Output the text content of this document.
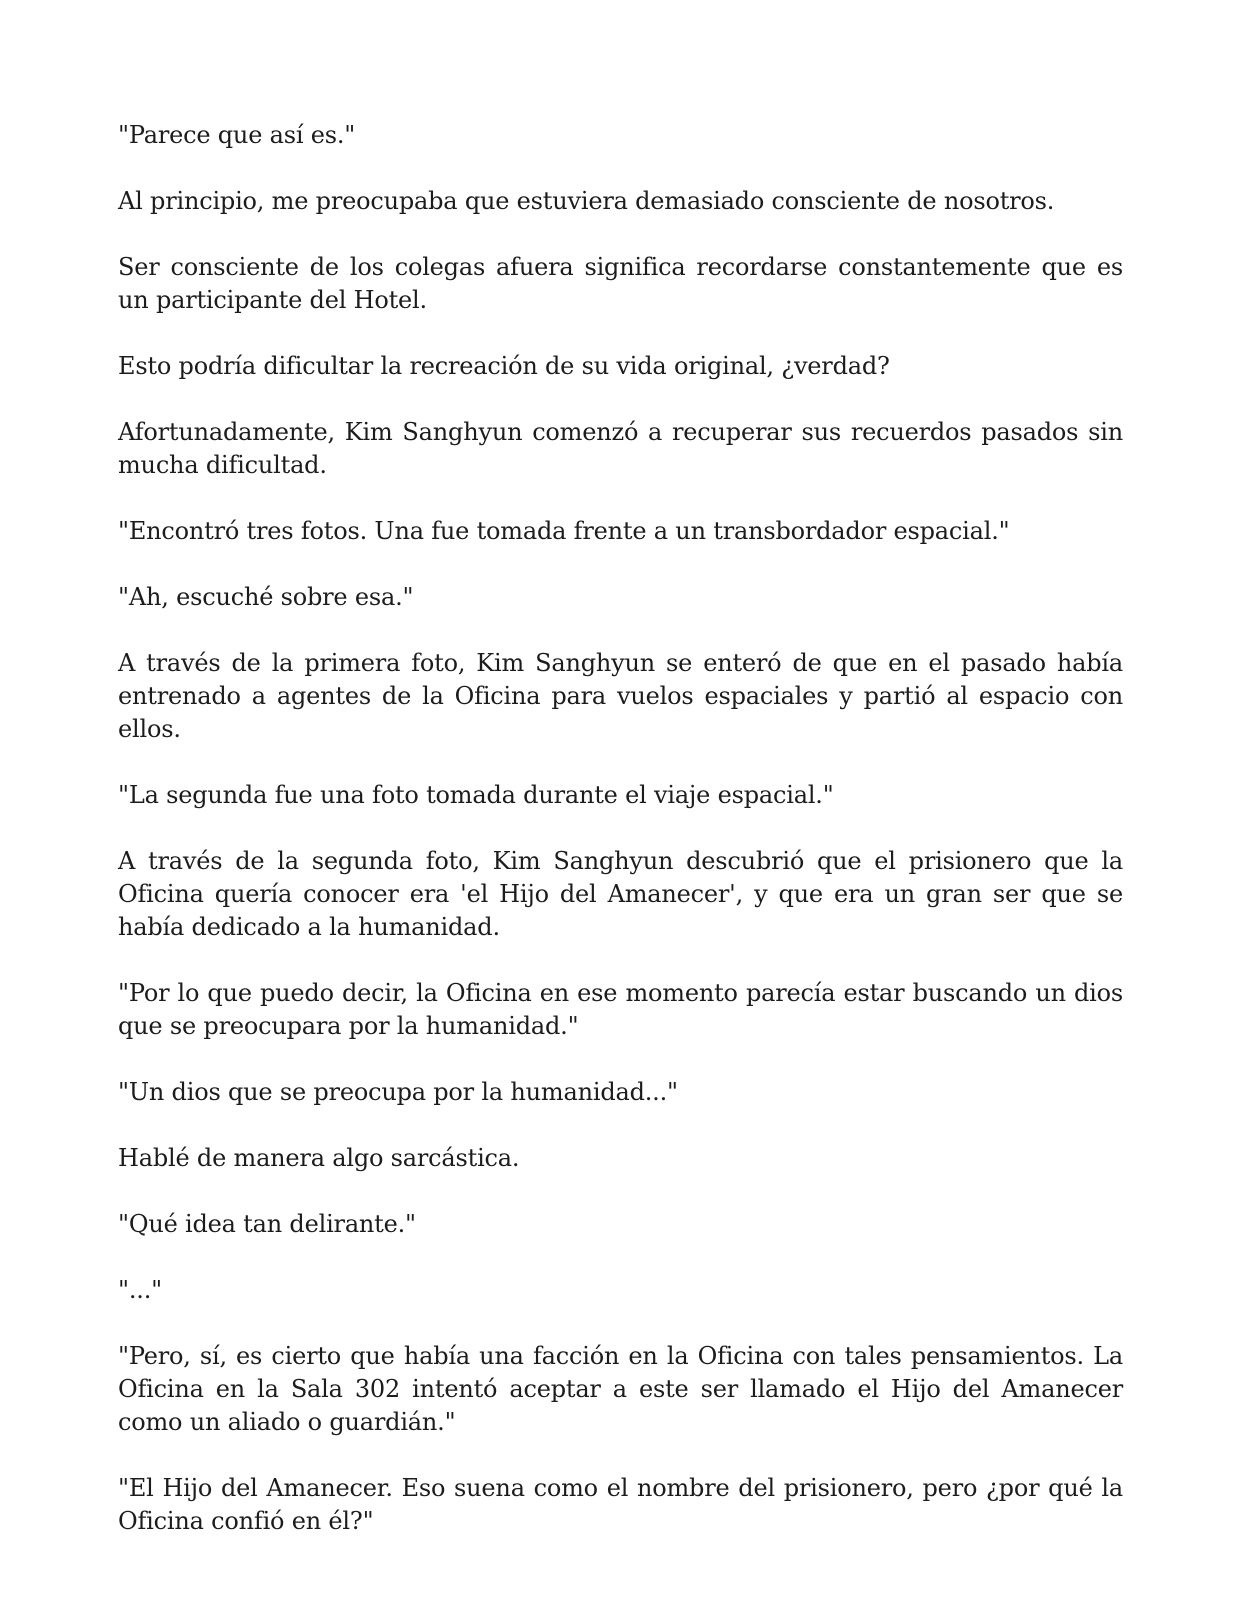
"Parece que así es."

Al principio, me preocupaba que estuviera demasiado consciente de nosotros.

Ser consciente de los colegas afuera significa recordarse constantemente que es un participante del Hotel.

Esto podría dificultar la recreación de su vida original, ¿verdad?

Afortunadamente, Kim Sanghyun comenzó a recuperar sus recuerdos pasados sin mucha dificultad.

"Encontró tres fotos. Una fue tomada frente a un transbordador espacial."

"Ah, escuché sobre esa."

A través de la primera foto, Kim Sanghyun se enteró de que en el pasado había entrenado a agentes de la Oficina para vuelos espaciales y partió al espacio con ellos.

"La segunda fue una foto tomada durante el viaje espacial."

A través de la segunda foto, Kim Sanghyun descubrió que el prisionero que la Oficina quería conocer era 'el Hijo del Amanecer', y que era un gran ser que se había dedicado a la humanidad.

"Por lo que puedo decir, la Oficina en ese momento parecía estar buscando un dios que se preocupara por la humanidad."

"Un dios que se preocupa por la humanidad..."

Hablé de manera algo sarcástica.

"Qué idea tan delirante."

"..."

"Pero, sí, es cierto que había una facción en la Oficina con tales pensamientos. La Oficina en la Sala 302 intentó aceptar a este ser llamado el Hijo del Amanecer como un aliado o guardián."

"El Hijo del Amanecer. Eso suena como el nombre del prisionero, pero ¿por qué la Oficina confió en él?"
